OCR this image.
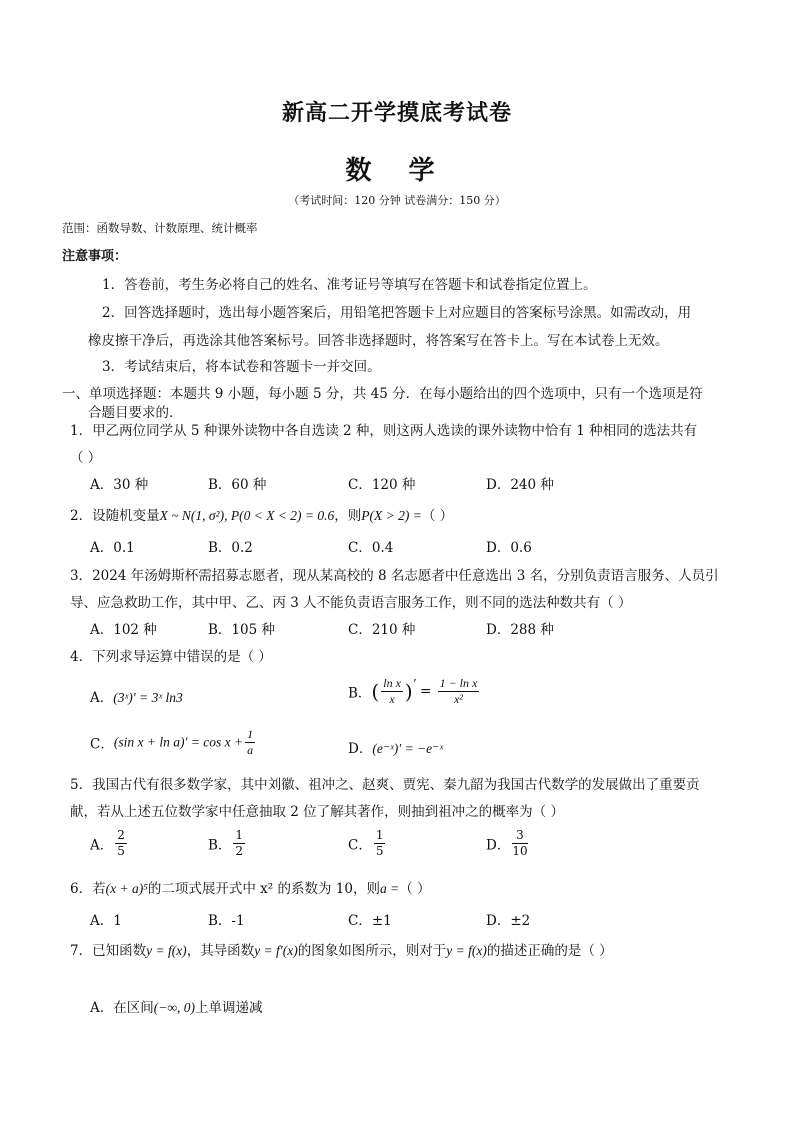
新高二开学摸底考试卷
数 学
（考试时间：120 分钟 试卷满分：150 分）
范围：函数导数、计数原理、统计概率
注意事项：
1．答卷前，考生务必将自己的姓名、准考证号等填写在答题卡和试卷指定位置上。
2．回答选择题时，选出每小题答案后，用铅笔把答题卡上对应题目的答案标号涂黑。如需改动，用
橡皮擦干净后，再选涂其他答案标号。回答非选择题时，将答案写在答卡上。写在本试卷上无效。
3．考试结束后，将本试卷和答题卡一并交回。
一、单项选择题：本题共 9 小题，每小题 5 分，共 45 分．在每小题给出的四个选项中，只有一个选项是符
合题目要求的．
1．甲乙两位同学从 5 种课外读物中各自选读 2 种，则这两人选读的课外读物中恰有 1 种相同的选法共有
（ ）
A．30 种	B．60 种	C．120 种	D．240 种
2．设随机变量X ~ N(1, σ²), P(0 < X < 2) = 0.6，则P(X > 2) =（ ）
A．0.1	B．0.2	C．0.4	D．0.6
3．2024 年汤姆斯杯需招募志愿者，现从某高校的 8 名志愿者中任意选出 3 名，分别负责语言服务、人员引
导、应急救助工作，其中甲、乙、丙 3 人不能负责语言服务工作，则不同的选法种数共有（ ）
A．102 种	B．105 种	C．210 种	D．288 种
4．下列求导运算中错误的是（ ）
A．(3ˣ)′ = 3ˣ ln3	B．( $\frac{\text{ln x}}{x}$ )′ = $\frac{\text{1 − ln x}}{\text{x²}}$
C．(sin $x + \ln a)' = \cos x + \frac{1}{a}$	D．(e⁻ˣ)′ = −e⁻ˣ
5．我国古代有很多数学家，其中刘徽、祖冲之、赵爽、贾宪、秦九韶为我国古代数学的发展做出了重要贡
献，若从上述五位数学家中任意抽取 2 位了解其著作，则抽到祖冲之的概率为（ ）
A． $\frac{2}{5}$	B． $\frac{1}{2}$	C． $\frac{1}{5}$	D． $\frac{3}{10}$
6．若(x + a)⁵的二项式展开式中 x² 的系数为 10，则a =（ ）
A．1	B．-1	C．±1	D．±2
7．已知函数y = f(x)，其导函数y = f′(x)的图象如图所示，则对于y = f(x)的描述正确的是（ ）
A．在区间(−∞, 0)上单调递减
